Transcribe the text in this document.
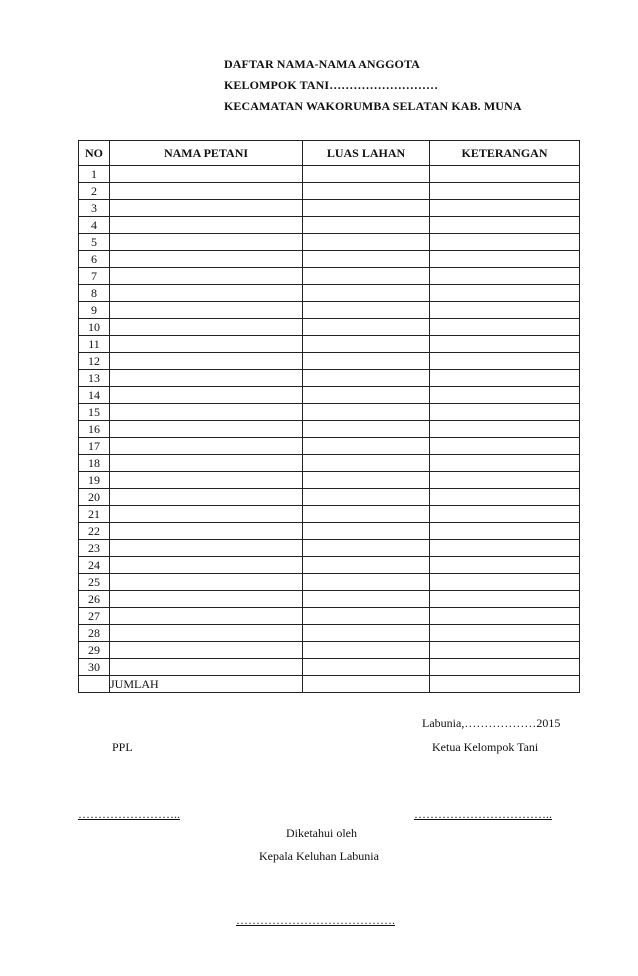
DAFTAR NAMA-NAMA ANGGOTA
KELOMPOK TANI………………………
KECAMATAN WAKORUMBA SELATAN KAB. MUNA
NO	NAMA PETANI	LUAS LAHAN	KETERANGAN
1			
2			
3			
4			
5			
6			
7			
8			
9			
10			
11			
12			
13			
14			
15			
16			
17			
18			
19			
20			
21			
22			
23			
24			
25			
26			
27			
28			
29			
30			
	JUMLAH		
Labunia,………………2015
PPL	Ketua Kelompok Tani
……………………..	……………………………..
Diketahui oleh
Kepala Keluhan Labunia
………………………………….
